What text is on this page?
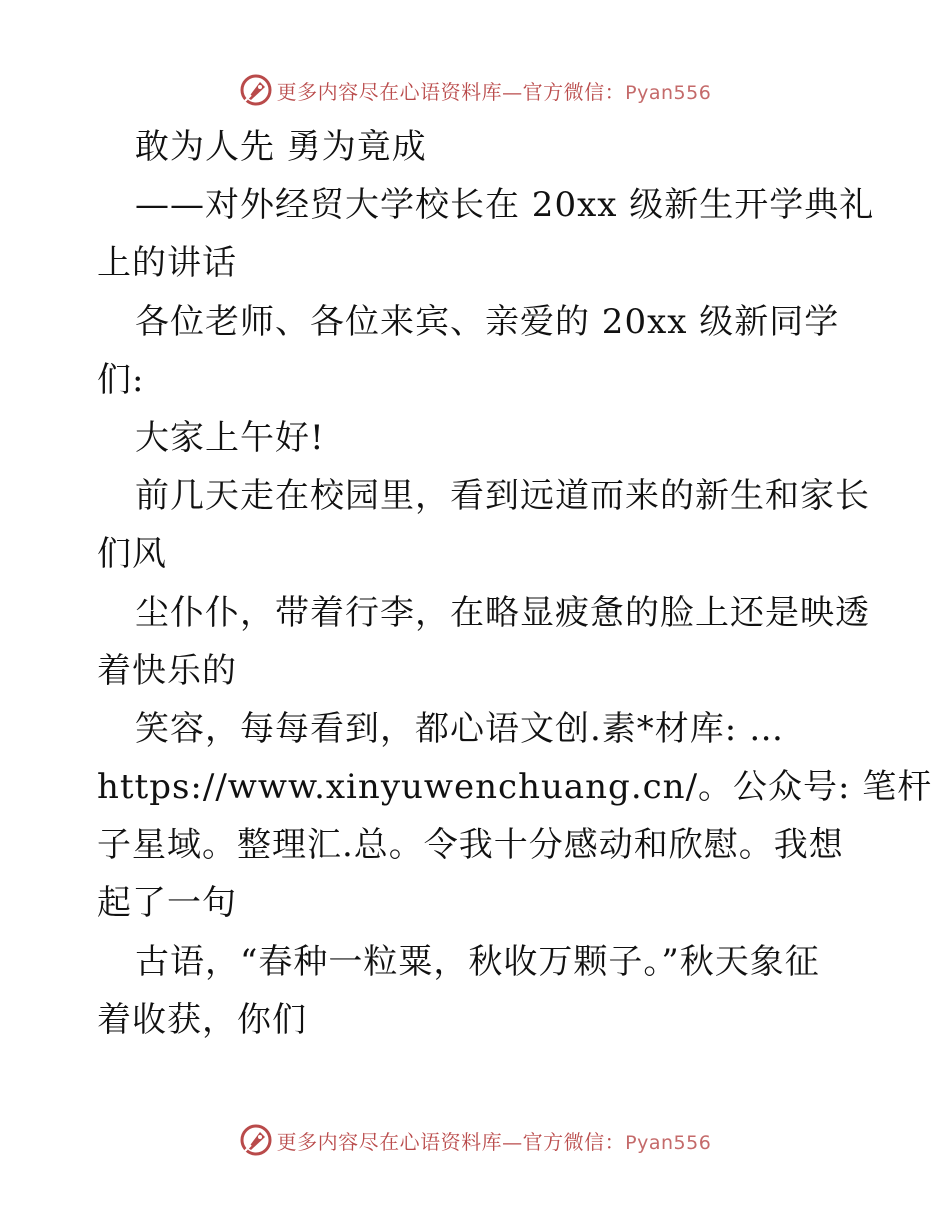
更多内容尽在心语资料库—官方微信：Pyan556
敢为人先 勇为竟成
——对外经贸大学校长在 20xx 级新生开学典礼
上的讲话
各位老师、各位来宾、亲爱的 20xx 级新同学
们:
大家上午好!
前几天走在校园里，看到远道而来的新生和家长
们风
尘仆仆，带着行李，在略显疲惫的脸上还是映透
着快乐的
笑容，每每看到，都心语文创.素*材库: …
https://www.xinyuwenchuang.cn/。公众号: 笔杆
子星域。整理汇.总。令我十分感动和欣慰。我想
起了一句
古语，“春种一粒粟，秋收万颗子。”秋天象征
着收获，你们
更多内容尽在心语资料库—官方微信：Pyan556
